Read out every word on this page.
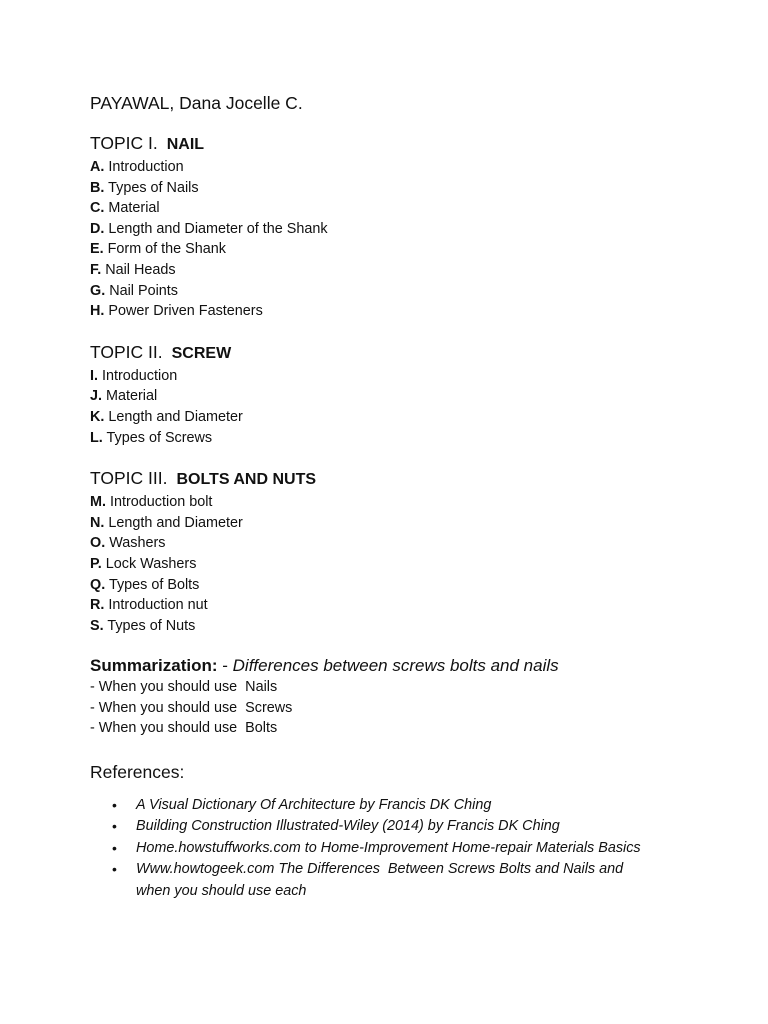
PAYAWAL, Dana Jocelle C.
TOPIC I. NAIL
A. Introduction
B. Types of Nails
C. Material
D. Length and Diameter of the Shank
E. Form of the Shank
F. Nail Heads
G. Nail Points
H. Power Driven Fasteners
TOPIC II. SCREW
I. Introduction
J. Material
K. Length and Diameter
L. Types of Screws
TOPIC III. BOLTS AND NUTS
M. Introduction bolt
N. Length and Diameter
O. Washers
P. Lock Washers
Q. Types of Bolts
R. Introduction nut
S. Types of Nuts
Summarization: - Differences between screws bolts and nails
- When you should use  Nails
- When you should use  Screws
- When you should use  Bolts
References:
• A Visual Dictionary Of Architecture by Francis DK Ching
• Building Construction Illustrated-Wiley (2014) by Francis DK Ching
• Home.howstuffworks.com to Home-Improvement Home-repair Materials Basics
• Www.howtogeek.com The Differences  Between Screws Bolts and Nails and when you should use each
